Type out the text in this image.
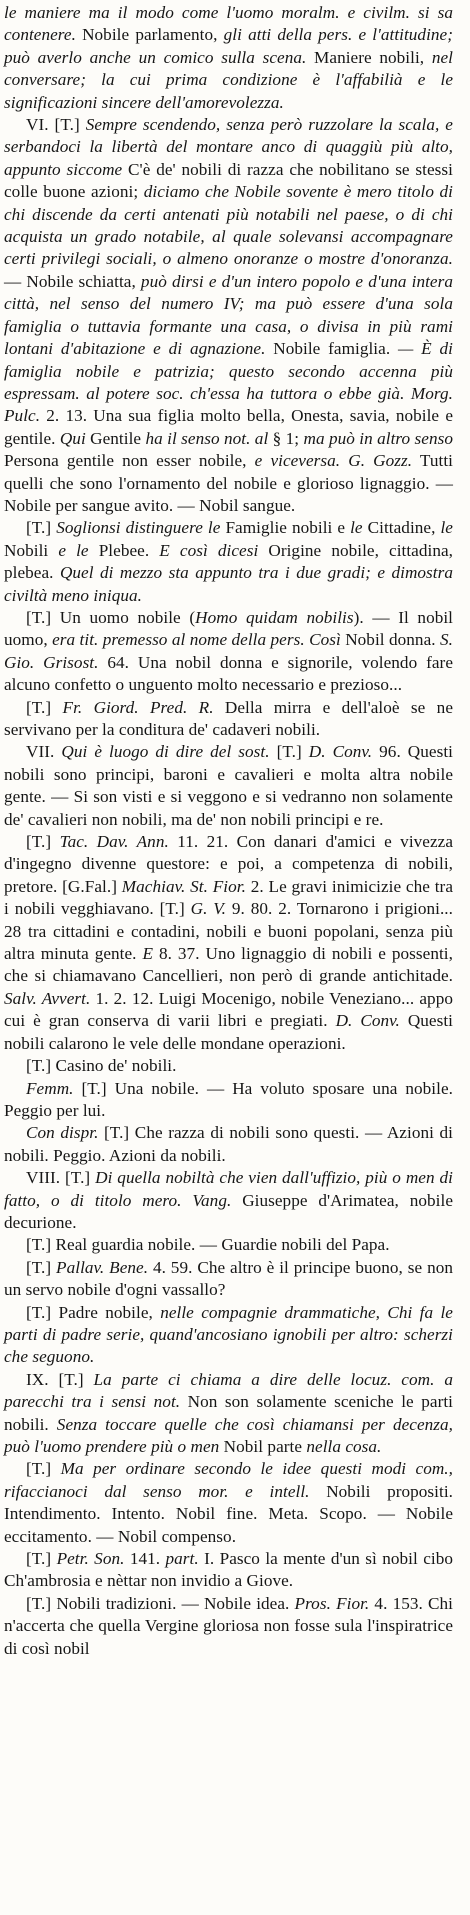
le maniere ma il modo come l'uomo moralm. e civilm. si sa contenere. Nobile parlamento, gli atti della pers. e l'attitudine; può averlo anche un comico sulla scena. Maniere nobili, nel conversare; la cui prima condizione è l'affabilià e le significazioni sincere dell'amorevolezza.

VI. [T.] Sempre scendendo, senza però ruzzolare la scala, e serbandoci la libertà del montare anco di quaggiù più alto, appunto siccome C'è de' nobili di razza che nobilitano se stessi colle buone azioni; diciamo che Nobile sovente è mero titolo di chi discende da certi antenati più notabili nel paese, o di chi acquista un grado notabile, al quale solevansi accompagnare certi privilegi sociali, o almeno onoranze o mostre d'onoranza. — Nobile schiatta, può dirsi e d'un intero popolo e d'una intera città, nel senso del numero IV; ma può essere d'una sola famiglia o tuttavia formante una casa, o divisa in più rami lontani d'abitazione e di agnazione. Nobile famiglia. — È di famiglia nobile e patrizia; questo secondo accenna più espressam. al potere soc. ch'essa ha tuttora o ebbe già. Morg. Pulc. 2. 13. Una sua figlia molto bella, Onesta, savia, nobile e gentile. Qui Gentile ha il senso not. al § 1; ma può in altro senso Persona gentile non esser nobile, e viceversa. G. Gozz. Tutti quelli che sono l'ornamento del nobile e glorioso lignaggio. — Nobile per sangue avito. — Nobil sangue.

[T.] Soglionsi distinguere le Famiglie nobili e le Cittadine, le Nobili e le Plebee. E così dicesi Origine nobile, cittadina, plebea. Quel di mezzo sta appunto tra i due gradi; e dimostra civiltà meno iniqua.

[T.] Un uomo nobile (Homo quidam nobilis). — Il nobil uomo, era tit. premesso al nome della pers. Così Nobil donna. S. Gio. Grisost. 64. Una nobil donna e signorile, volendo fare alcuno confetto o unguento molto necessario e prezioso...

[T.] Fr. Giord. Pred. R. Della mirra e dell'aloè se ne servivano per la conditura de' cadaveri nobili.

VII. Qui è luogo di dire del sost. [T.] D. Conv. 96. Questi nobili sono principi, baroni e cavalieri e molta altra nobile gente. — Si son visti e si veggono e si vedranno non solamente de' cavalieri non nobili, ma de' non nobili principi e re.

[T.] Tac. Dav. Ann. 11. 21. Con danari d'amici e vivezza d'ingegno divenne questore: e poi, a competenza di nobili, pretore. [G.Fal.] Machiav. St. Fior. 2. Le gravi inimicizie che tra i nobili vegghiavano. [T.] G. V. 9. 80. 2. Tornarono i prigioni... 28 tra cittadini e contadini, nobili e buoni popolani, senza più altra minuta gente. E 8. 37. Uno lignaggio di nobili e possenti, che si chiamavano Cancellieri, non però di grande antichitade. Salv. Avvert. 1. 2. 12. Luigi Mocenigo, nobile Veneziano... appo cui è gran conserva di varii libri e pregiati. D. Conv. Questi nobili calarono le vele delle mondane operazioni.

[T.] Casino de' nobili.

Femm. [T.] Una nobile. — Ha voluto sposare una nobile. Peggio per lui.

Con dispr. [T.] Che razza di nobili sono questi. — Azioni di nobili. Peggio. Azioni da nobili.

VIII. [T.] Di quella nobiltà che vien dall'uffizio, più o men di fatto, o di titolo mero. Vang. Giuseppe d'Arimatea, nobile decurione.

[T.] Real guardia nobile. — Guardie nobili del Papa.

[T.] Pallav. Bene. 4. 59. Che altro è il principe buono, se non un servo nobile d'ogni vassallo?

[T.] Padre nobile, nelle compagnie drammatiche, Chi fa le parti di padre serie, quand'ancosiano ignobili per altro: scherzi che seguono.

IX. [T.] La parte ci chiama a dire delle locuz. com. a parecchi tra i sensi not. Non son solamente sceniche le parti nobili. Senza toccare quelle che così chiamansi per decenza, può l'uomo prendere più o men Nobil parte nella cosa.

[T.] Ma per ordinare secondo le idee questi modi com., rifaccianoci dal senso mor. e intell. Nobili propositi. Intendimento. Intento. Nobil fine. Meta. Scopo. — Nobile eccitamento. — Nobil compenso.

[T.] Petr. Son. 141. part. I. Pasco la mente d'un sì nobil cibo Ch'ambrosia e nèttar non invidio a Giove.

[T.] Nobili tradizioni. — Nobile idea. Pros. Fior. 4. 153. Chi n'accerta che quella Vergine gloriosa non fosse sula l'inspiratrice di così nobil
